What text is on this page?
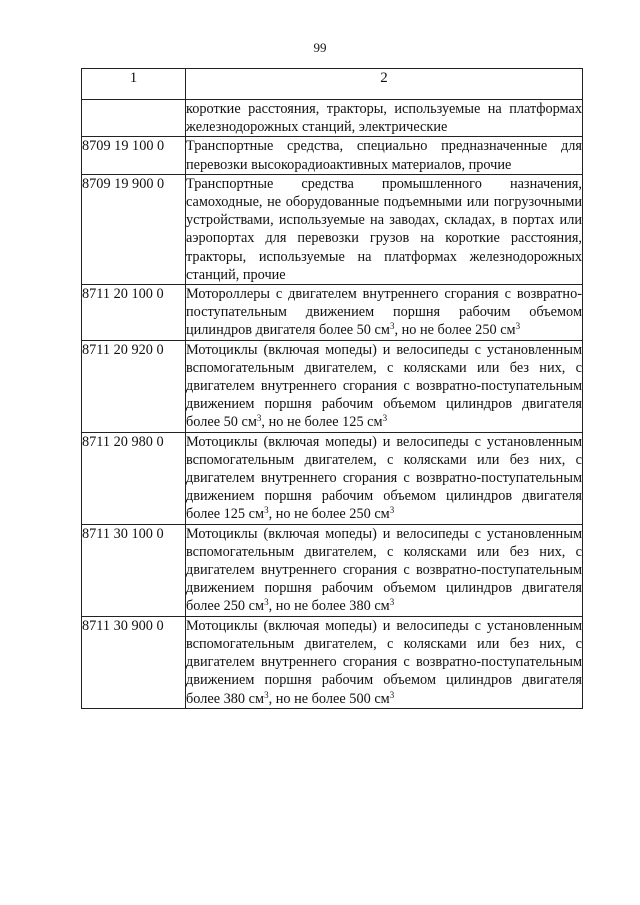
99
1	2
	короткие расстояния, тракторы, используемые на платформах железнодорожных станций, электрические
8709 19 100 0	Транспортные средства, специально предназначенные для перевозки высокорадиоактивных материалов, прочие
8709 19 900 0	Транспортные средства промышленного назначения, самоходные, не оборудованные подъемными или погрузочными устройствами, используемые на заводах, складах, в портах или аэропортах для перевозки грузов на короткие расстояния, тракторы, используемые на платформах железнодорожных станций, прочие
8711 20 100 0	Мотороллеры с двигателем внутреннего сгорания с возвратно-поступательным движением поршня рабочим объемом цилиндров двигателя более 50 $см^3$, но не более 250 $см^3$
8711 20 920 0	Мотоциклы (включая мопеды) и велосипеды с установленным вспомогательным двигателем, с колясками или без них, с двигателем внутреннего сгорания с возвратно-поступательным движением поршня рабочим объемом цилиндров двигателя более 50 $см^3$, но не более 125 $см^3$
8711 20 980 0	Мотоциклы (включая мопеды) и велосипеды с установленным вспомогательным двигателем, с колясками или без них, с двигателем внутреннего сгорания с возвратно-поступательным движением поршня рабочим объемом цилиндров двигателя более 125 $см^3$, но не более 250 $см^3$
8711 30 100 0	Мотоциклы (включая мопеды) и велосипеды с установленным вспомогательным двигателем, с колясками или без них, с двигателем внутреннего сгорания с возвратно-поступательным движением поршня рабочим объемом цилиндров двигателя более 250 $см^3$, но не более 380 $см^3$
8711 30 900 0	Мотоциклы (включая мопеды) и велосипеды с установленным вспомогательным двигателем, с колясками или без них, с двигателем внутреннего сгорания с возвратно-поступательным движением поршня рабочим объемом цилиндров двигателя более 380 $см^3$, но не более 500 $см^3$
